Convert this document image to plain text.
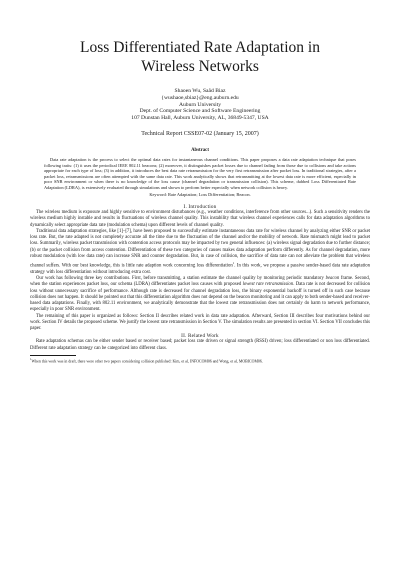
Loss Differentiated Rate Adaptation in Wireless Networks
Shaoen Wu, Saâd Biaz
{wushaoe,sbiaz}@eng.auburn.edu
Auburn University
Dept. of Computer Science and Software Engineering
107 Dunstan Hall, Auburn University, AL, 36849-5347, USA
Technical Report CSSE07-02 (January 15, 2007)
Abstract

Data rate adaptation is the process to select the optimal data rates for instantaneous channel conditions. This paper proposes a data rate adaptation technique that poses following traits: (1) it uses the periodical IEEE 802.11 beacons; (2) moreover, it distinguishes packet losses due to channel fading from those due to collisions and take actions appropriate for each type of loss; (3) in addition, it introduces the best data rate retransmission for the very first retransmission after packet loss. In traditional strategies, after a packet loss, retransmissions are often attempted with the same data rate. This work analytically shows that retransmitting at the lowest data rate is more efficient, especially in poor SNR environment or when there is no knowledge of the loss cause (channel degradation or transmission collision). This scheme, dubbed Loss Differentiated Rate Adaptation (LDRA), is extensively evaluated through simulations and shown to perform better especially when network collision is heavy.

Keyword: Rate Adaptation; Loss Differentiation; Beacon.
I. Introduction

The wireless medium is exposure and highly sensitive to environment disturbances (e.g., weather conditions, interference from other sources...). Such a sensitivity renders the wireless medium highly instable and results in fluctuations of wireless channel quality. This instability that wireless channel experiences calls for data adaptation algorithms to dynamically select appropriate data rate (modulation schema) upon different levels of channel quality.

Traditional data adaptation strategies, like [1]–[7], have been proposed to successfully estimate instantaneous data rate for wireless channel by analyzing either SNR or packet loss rate. But, the rate adapted is not completely accurate all the time due to the fluctuation of the channel and/or the mobility of network. Rate mismatch might lead to packet loss. Summarily, wireless packet transmission with contention access protocols may be impacted by two general influences: (a) wireless signal degradation due to further distance; (b) or the packet collision from access contention. Differentiation of these two categories of causes makes data adaptation perform differently. As for channel degradation, more robust modulation (with low data rate) can increase SNR and counter degradation. But, in case of collision, the sacrifice of data rate can not alleviate the problem that wireless channel suffers. With our best knowledge, this is little rate adaption work concerning loss differentiation$^1$. In this work, we propose a passive sender-based data rate adaptation strategy with loss differentiation without introducing extra cost.

Our work has following three key contributions. First, before transmitting, a station estimate the channel quality by monitoring periodic mandatory beacon frame. Second, when the station experiences packet loss, our schema (LDRA) differentiates packet loss causes with proposed lowest rate retransmission. Data rate is not decreased for collision loss without unnecessary sacrifice of performance. Although rate is decreased for channel degradation loss, the binary exponential backoff is turned off in such case because collision does not happen. It should be pointed out that this differentiation algorithm does not depend on the beacon monitoring and it can apply to both sender-based and receiver-based data adaptations. Finally, with 802.11 environment, we analytically demonstrate that the lowest rate retransmission does not certainly do harm to network performance, especially in poor SNR environment.

The remaining of this paper is organized as follows: Section II describes related work in data rate adaptation. Afterward, Section III describes four motivations behind our work. Section IV details the proposed scheme. We justify the lowest rate retransmission in Section V. The simulation results are presented in section VI. Section VII concludes this paper.

II. Related Work

Rate adaptation schemas can be either sender based or receiver based; packet loss rate driven or signal strength (RSSI) driven; loss differentiated or non loss differentiated. Different rate adaptation strategy can be categorized into different class.

$^1$When this work was in draft, there were other two papers considering collision published: Kim, et al, INFOCOM06 and Wong, et al, MOBICOM06.
